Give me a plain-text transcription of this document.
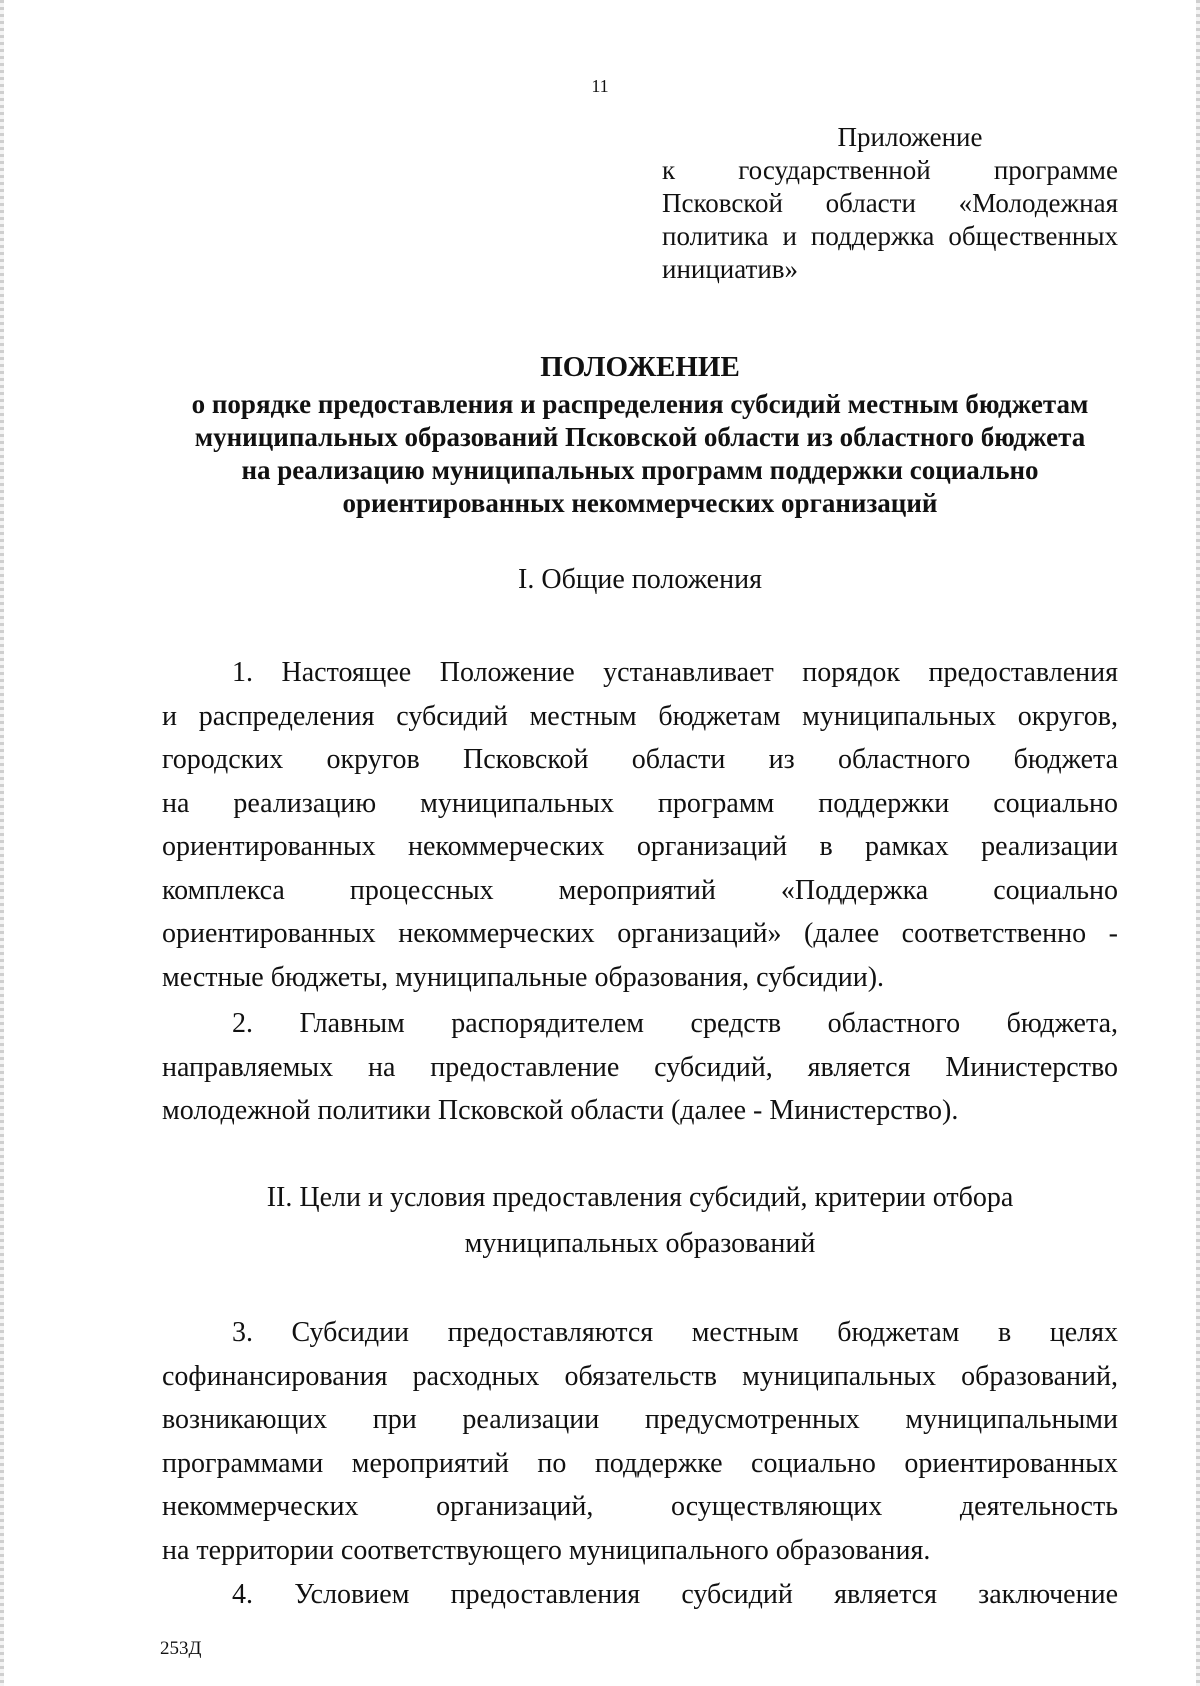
11
Приложение
к государственной программе
Псковской области «Молодежная
политика и поддержка общественных
инициатив»
ПОЛОЖЕНИЕ
о порядке предоставления и распределения субсидий местным бюджетам
муниципальных образований Псковской области из областного бюджета
на реализацию муниципальных программ поддержки социально
ориентированных некоммерческих организаций
I. Общие положения
1. Настоящее Положение устанавливает порядок предоставления
и распределения субсидий местным бюджетам муниципальных округов,
городских округов Псковской области из областного бюджета
на реализацию муниципальных программ поддержки социально
ориентированных некоммерческих организаций в рамках реализации
комплекса процессных мероприятий «Поддержка социально
ориентированных некоммерческих организаций» (далее соответственно -
местные бюджеты, муниципальные образования, субсидии).
2. Главным распорядителем средств областного бюджета,
направляемых на предоставление субсидий, является Министерство
молодежной политики Псковской области (далее - Министерство).
II. Цели и условия предоставления субсидий, критерии отбора
муниципальных образований
3. Субсидии предоставляются местным бюджетам в целях
софинансирования расходных обязательств муниципальных образований,
возникающих при реализации предусмотренных муниципальными
программами мероприятий по поддержке социально ориентированных
некоммерческих организаций, осуществляющих деятельность
на территории соответствующего муниципального образования.
4. Условием предоставления субсидий является заключение
253Д
